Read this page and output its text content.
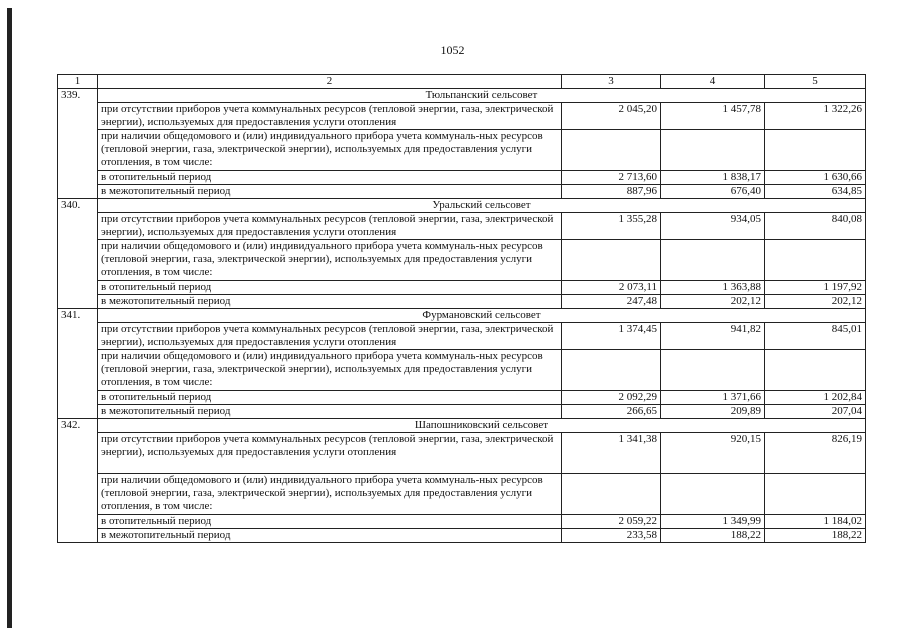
1052
1	2	3	4	5
339.	Тюльпанский сельсовет			
	при отсутствии приборов учета коммунальных ресурсов (тепловой энергии, газа, электрической энергии), используемых для предоставления услуги отопления	2 045,20	1 457,78	1 322,26
	при наличии общедомового и (или) индивидуального прибора учета коммуналь-ных ресурсов (тепловой энергии, газа, электрической энергии), используемых для предоставления услуги отопления, в том числе:			
	в отопительный период	2 713,60	1 838,17	1 630,66
	в межотопительный период	887,96	676,40	634,85
340.	Уральский сельсовет			
	при отсутствии приборов учета коммунальных ресурсов (тепловой энергии, газа, электрической энергии), используемых для предоставления услуги отопления	1 355,28	934,05	840,08
	при наличии общедомового и (или) индивидуального прибора учета коммуналь-ных ресурсов (тепловой энергии, газа, электрической энергии), используемых для предоставления услуги отопления, в том числе:			
	в отопительный период	2 073,11	1 363,88	1 197,92
	в межотопительный период	247,48	202,12	202,12
341.	Фурмановский сельсовет			
	при отсутствии приборов учета коммунальных ресурсов (тепловой энергии, газа, электрической энергии), используемых для предоставления услуги отопления	1 374,45	941,82	845,01
	при наличии общедомового и (или) индивидуального прибора учета коммуналь-ных ресурсов (тепловой энергии, газа, электрической энергии), используемых для предоставления услуги отопления, в том числе:			
	в отопительный период	2 092,29	1 371,66	1 202,84
	в межотопительный период	266,65	209,89	207,04
342.	Шапошниковский сельсовет			
	при отсутствии приборов учета коммунальных ресурсов (тепловой энергии, газа, электрической энергии), используемых для предоставления услуги отопления	1 341,38	920,15	826,19
	при наличии общедомового и (или) индивидуального прибора учета коммуналь-ных ресурсов (тепловой энергии, газа, электрической энергии), используемых для предоставления услуги отопления, в том числе:			
	в отопительный период	2 059,22	1 349,99	1 184,02
	в межотопительный период	233,58	188,22	188,22
